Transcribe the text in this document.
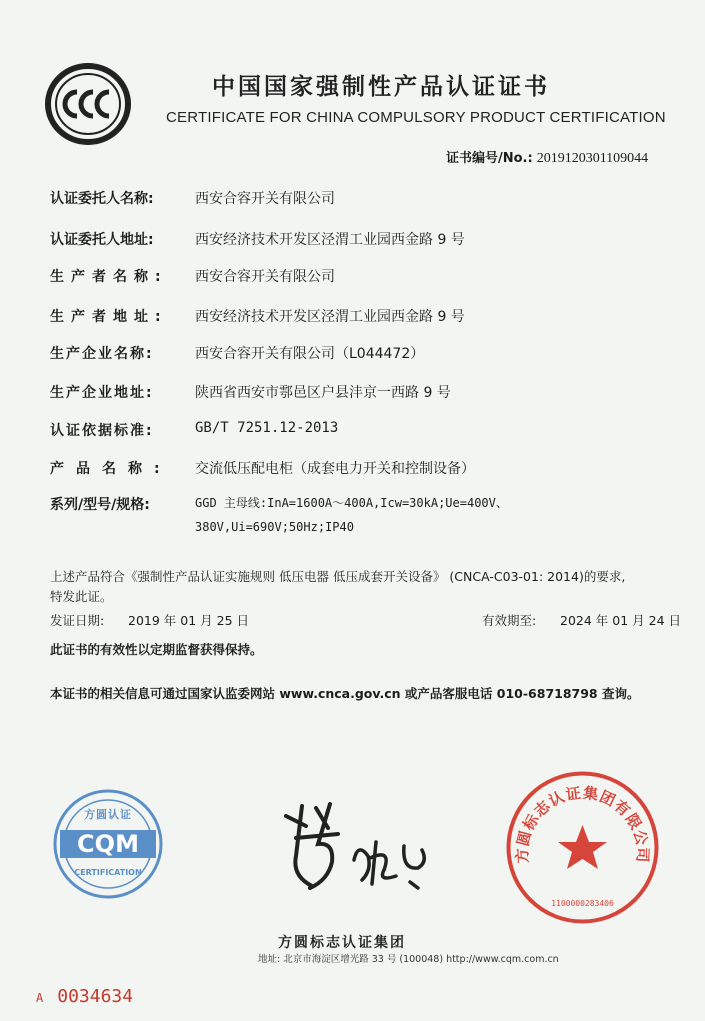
中国国家强制性产品认证证书
CERTIFICATE FOR CHINA COMPULSORY PRODUCT CERTIFICATION
证书编号/No.: 2019120301109044
认证委托人名称:	西安合容开关有限公司
认证委托人地址:	西安经济技术开发区泾渭工业园西金路 9 号
生产者名称: 西安合容开关有限公司
生产者地址: 西安经济技术开发区泾渭工业园西金路 9 号
生产企业名称:	西安合容开关有限公司（L044472）
生产企业地址:	陕西省西安市鄠邑区户县沣京一西路 9 号
认证依据标准:	GB/T 7251.12-2013
产品名称: 交流低压配电柜（成套电力开关和控制设备）
系列/型号/规格:	GGD 主母线:InA=1600A～400A,Icw=30kA;Ue=400V、
380V,Ui=690V;50Hz;IP40
上述产品符合《强制性产品认证实施规则 低压电器 低压成套开关设备》 (CNCA-C03-01: 2014)的要求,
特发此证。
发证日期: 2019 年 01 月 25 日	有效期至: 2024 年 01 月 24 日
此证书的有效性以定期监督获得保持。
本证书的相关信息可通过国家认监委网站 www.cnca.gov.cn 或产品客服电话 010-68718798 查询。
方圆认证
CQM
CERTIFICATION
方圆标志认证集团有限公司
1100000283406
方圆标志认证集团
地址: 北京市海淀区增光路 33 号 (100048) http://www.cqm.com.cn
A 0034634
